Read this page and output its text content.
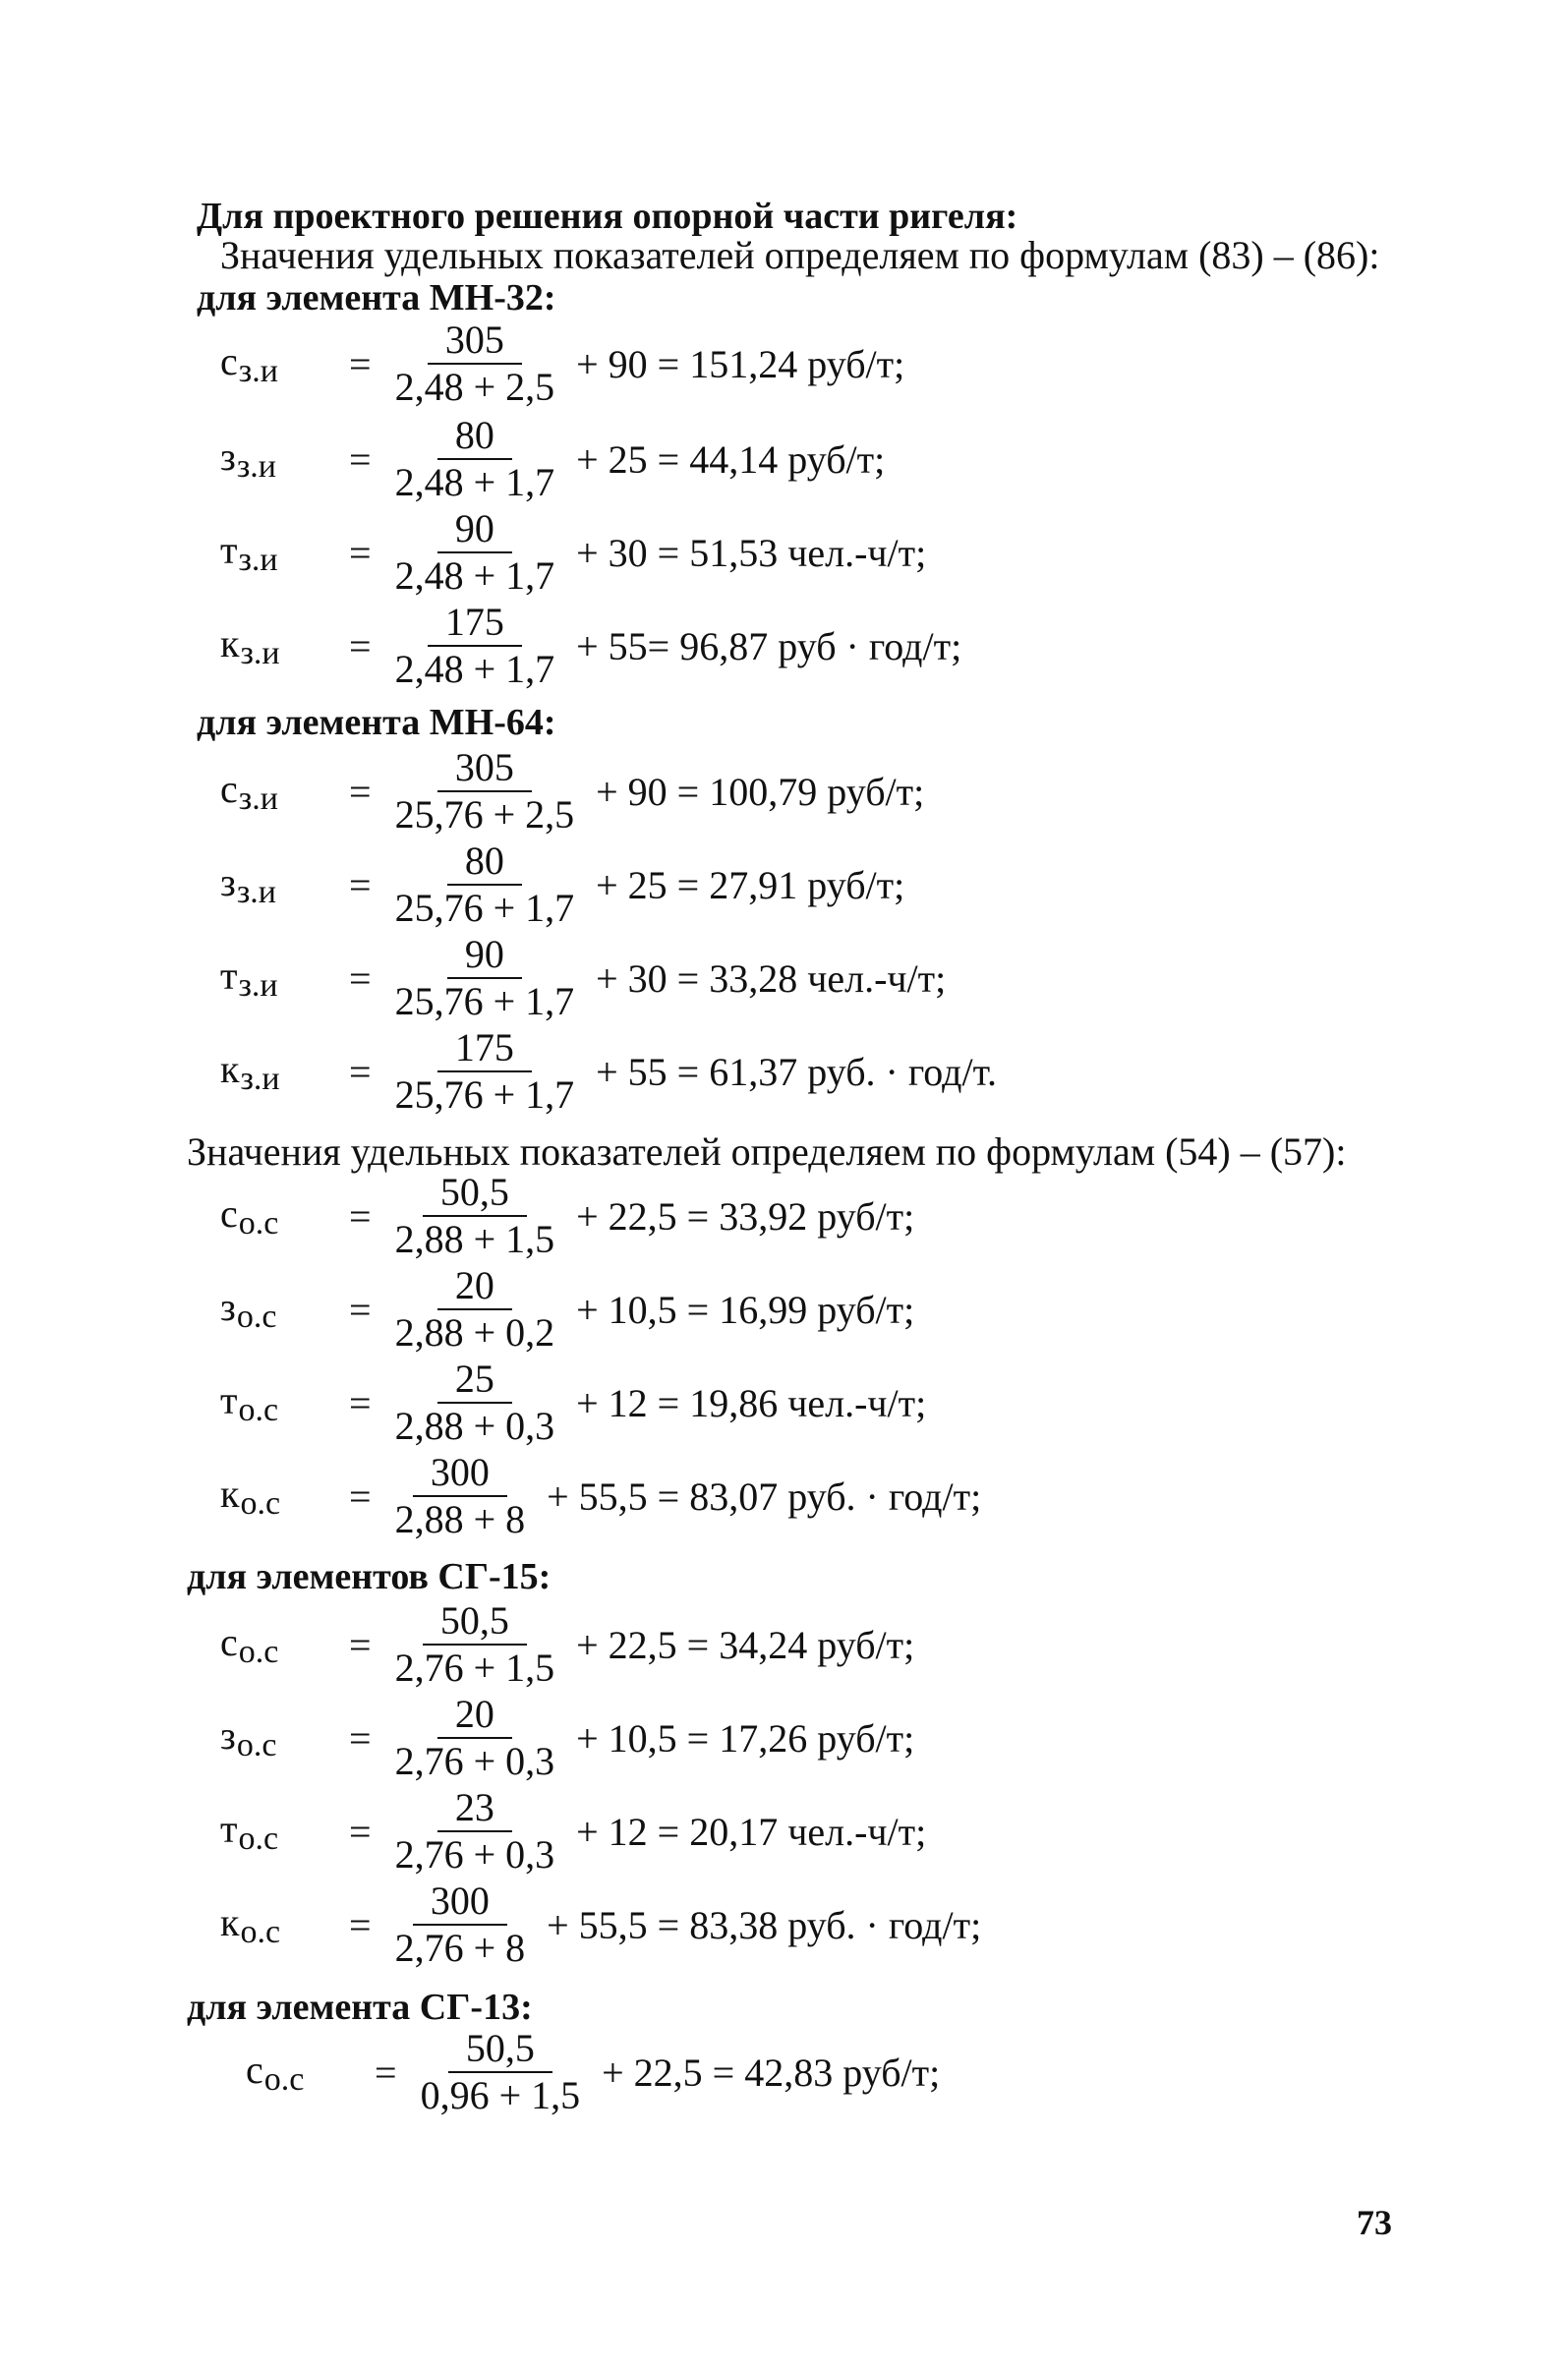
Для проектного решения опорной части ригеля:
Значения удельных показателей определяем по формулам (83) – (86):
для элемента МН-32:
для элемента МН-64:
Значения удельных показателей определяем по формулам (54) – (57):
для элементов СГ-15:
для элемента СГ-13:
$с_{з.и}$	= $\frac{305}{2,48 + 2,5} + 90 = 151,24$ руб/т;
$з_{з.и}$	= $\frac{80}{2,48 + 1,7} + 25 = 44,14$ руб/т;
$т_{з.и}$	= $\frac{90}{2,48 + 1,7} + 30 = 51,53$ чел.-ч/т;
$к_{з.и}$	= $\frac{175}{2,48 + 1,7} + 55= 96,87$ руб · год/т;
$с_{з.и}$	= $\frac{305}{25,76 + 2,5} + 90 = 100,79$ руб/т;
$з_{з.и}$	= $\frac{80}{25,76 + 1,7} + 25 = 27,91$ руб/т;
$т_{з.и}$	= $\frac{90}{25,76 + 1,7} + 30 = 33,28$ чел.-ч/т;
$к_{з.и}$	= $\frac{175}{25,76 + 1,7} + 55 = 61,37$ руб. · год/т.
$с_{о.с}$	= $\frac{50,5}{2,88 + 1,5} + 22,5 = 33,92$ руб/т;
$з_{о.с}$	= $\frac{20}{2,88 + 0,2} + 10,5 = 16,99$ руб/т;
$т_{о.с}$	= $\frac{25}{2,88 + 0,3} + 12 = 19,86$ чел.-ч/т;
$к_{о.с}$	= $\frac{300}{2,88 + 8} + 55,5 = 83,07$ руб. · год/т;
$с_{о.с}$	= $\frac{50,5}{2,76 + 1,5} + 22,5 = 34,24$ руб/т;
$з_{о.с}$	= $\frac{20}{2,76 + 0,3} + 10,5 = 17,26$ руб/т;
$т_{о.с}$	= $\frac{23}{2,76 + 0,3} + 12 = 20,17$ чел.-ч/т;
$к_{о.с}$	= $\frac{300}{2,76 + 8} + 55,5 = 83,38$ руб. · год/т;
$с_{о.с}$	= $\frac{50,5}{0,96 + 1,5} + 22,5 = 42,83$ руб/т;
73
